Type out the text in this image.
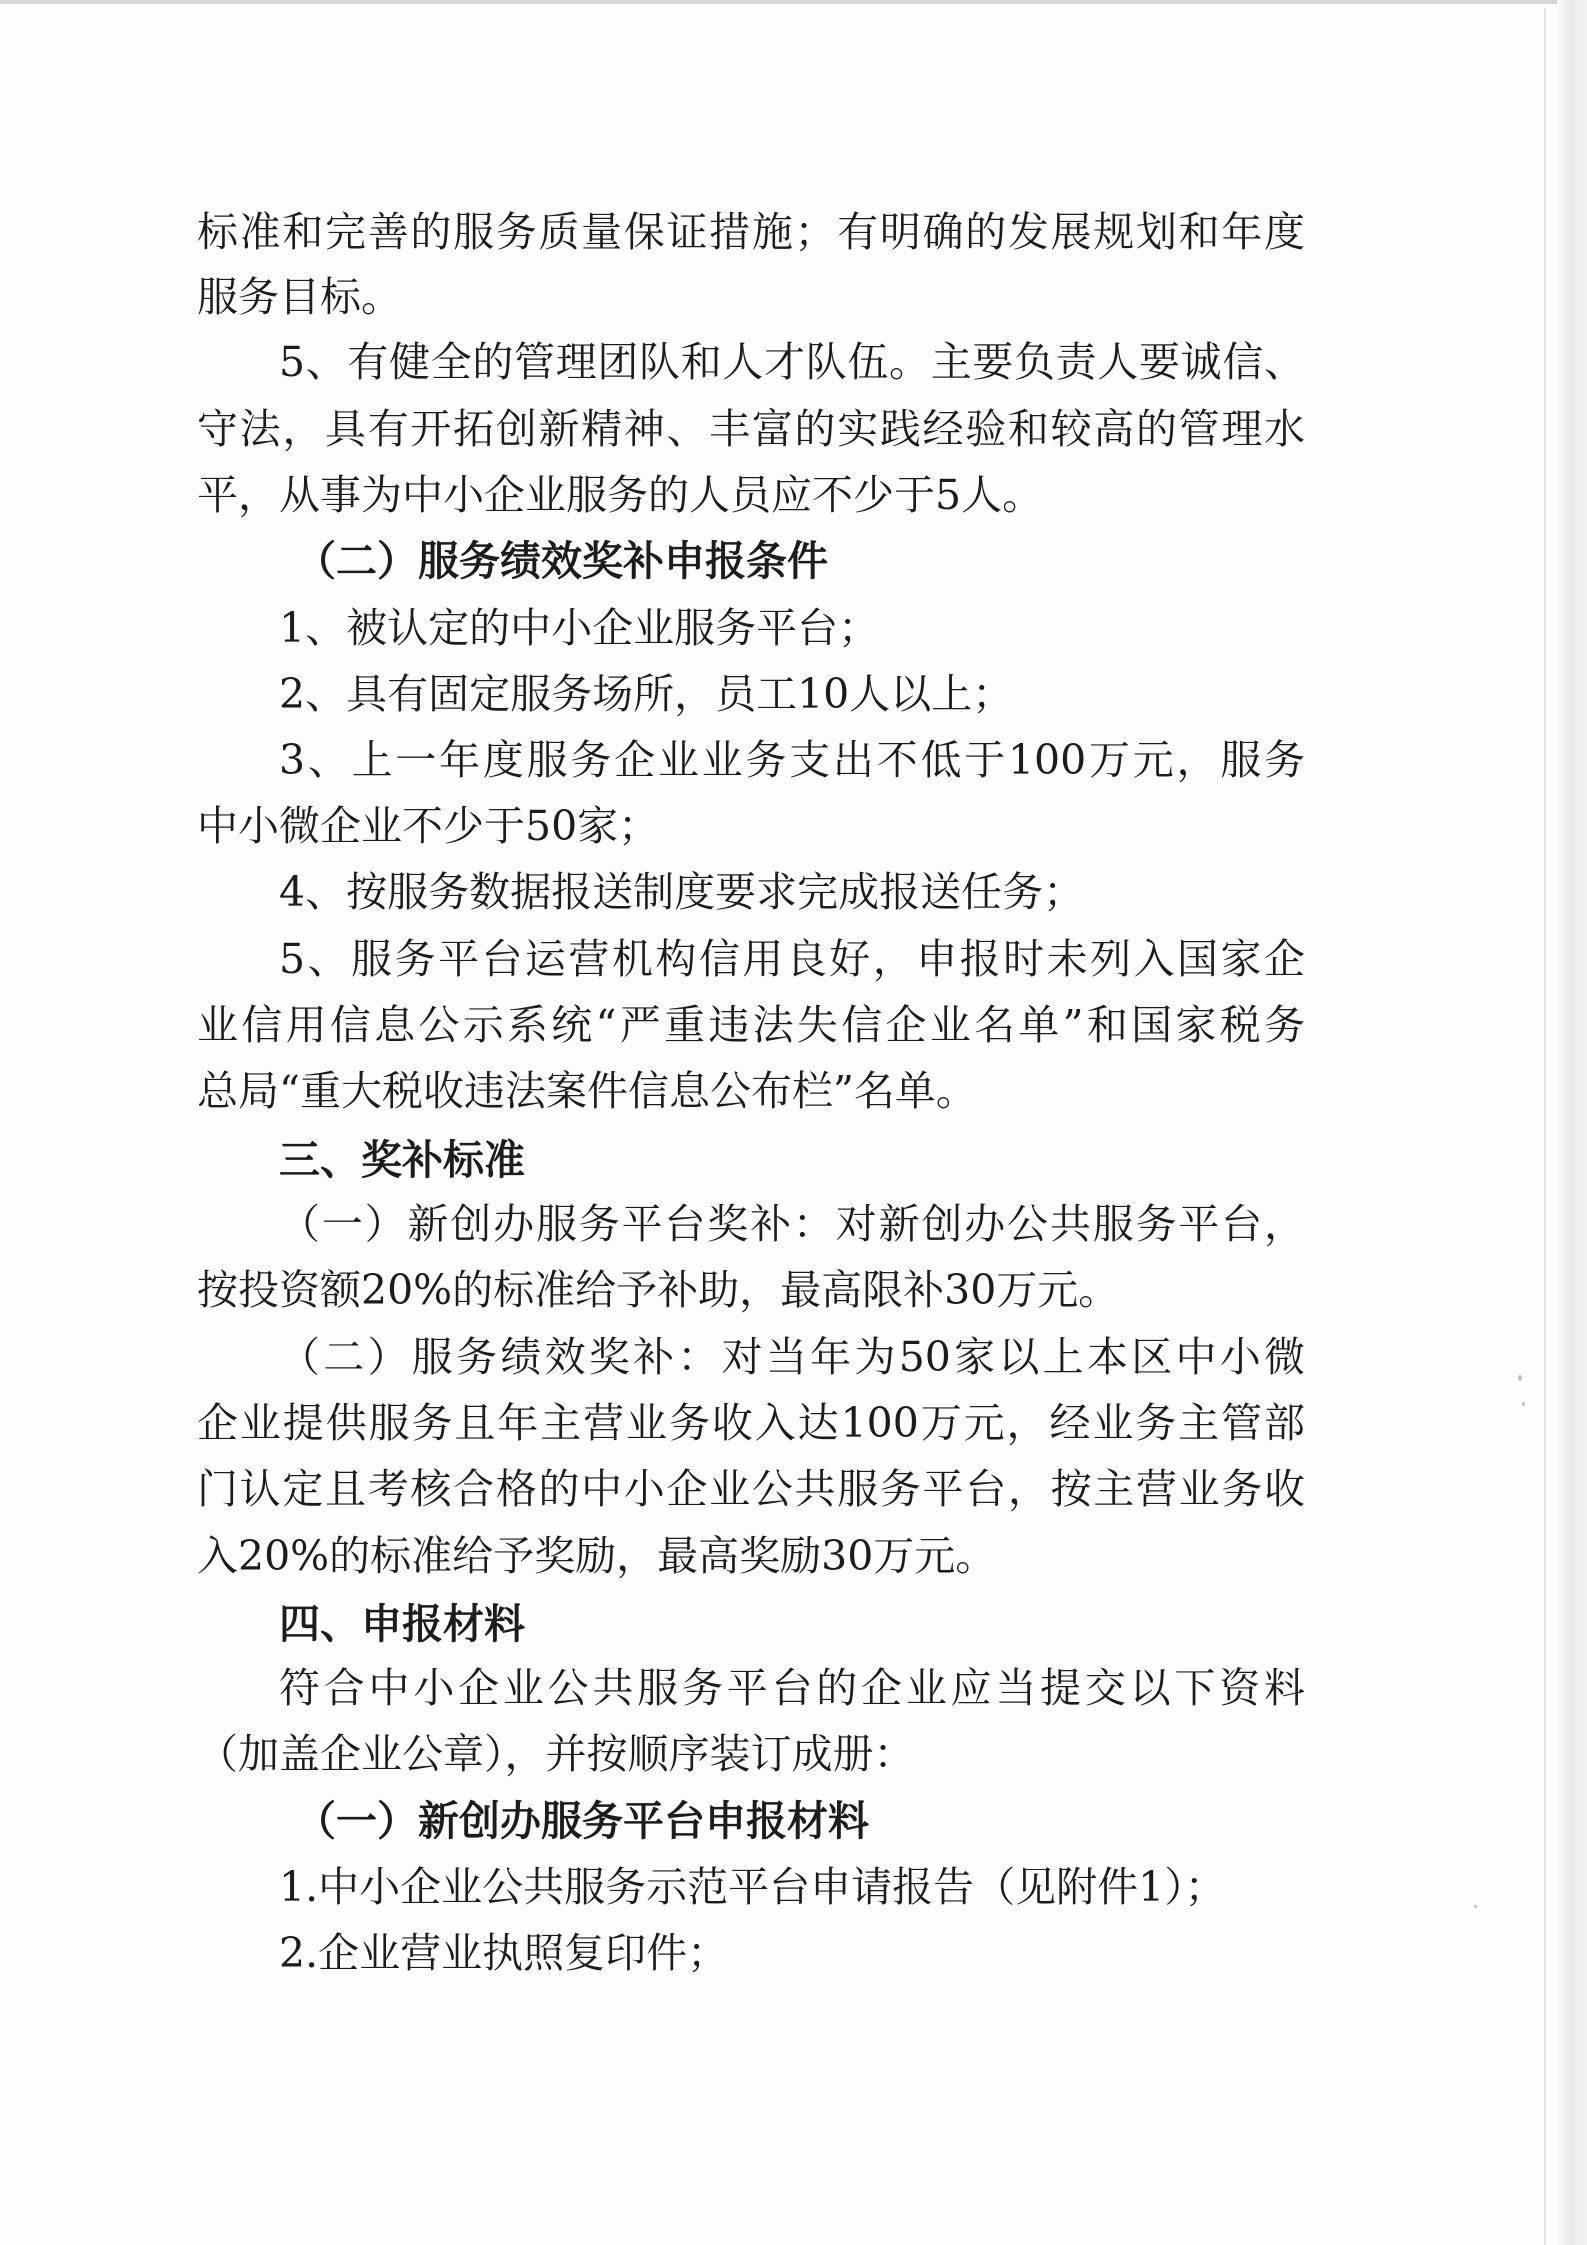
标准和完善的服务质量保证措施；有明确的发展规划和年度
服务目标。
5、有健全的管理团队和人才队伍。主要负责人要诚信、
守法，具有开拓创新精神、丰富的实践经验和较高的管理水
平，从事为中小企业服务的人员应不少于5人。
（二）服务绩效奖补申报条件
1、被认定的中小企业服务平台；
2、具有固定服务场所，员工10人以上；
3、上一年度服务企业业务支出不低于100万元，服务
中小微企业不少于50家；
4、按服务数据报送制度要求完成报送任务；
5、服务平台运营机构信用良好，申报时未列入国家企
业信用信息公示系统“严重违法失信企业名单”和国家税务
总局“重大税收违法案件信息公布栏”名单。
三、奖补标准
（一）新创办服务平台奖补：对新创办公共服务平台，
按投资额20%的标准给予补助，最高限补30万元。
（二）服务绩效奖补：对当年为50家以上本区中小微
企业提供服务且年主营业务收入达100万元，经业务主管部
门认定且考核合格的中小企业公共服务平台，按主营业务收
入20%的标准给予奖励，最高奖励30万元。
四、申报材料
符合中小企业公共服务平台的企业应当提交以下资料
（加盖企业公章），并按顺序装订成册：
（一）新创办服务平台申报材料
1.中小企业公共服务示范平台申请报告（见附件1）；
2.企业营业执照复印件；
